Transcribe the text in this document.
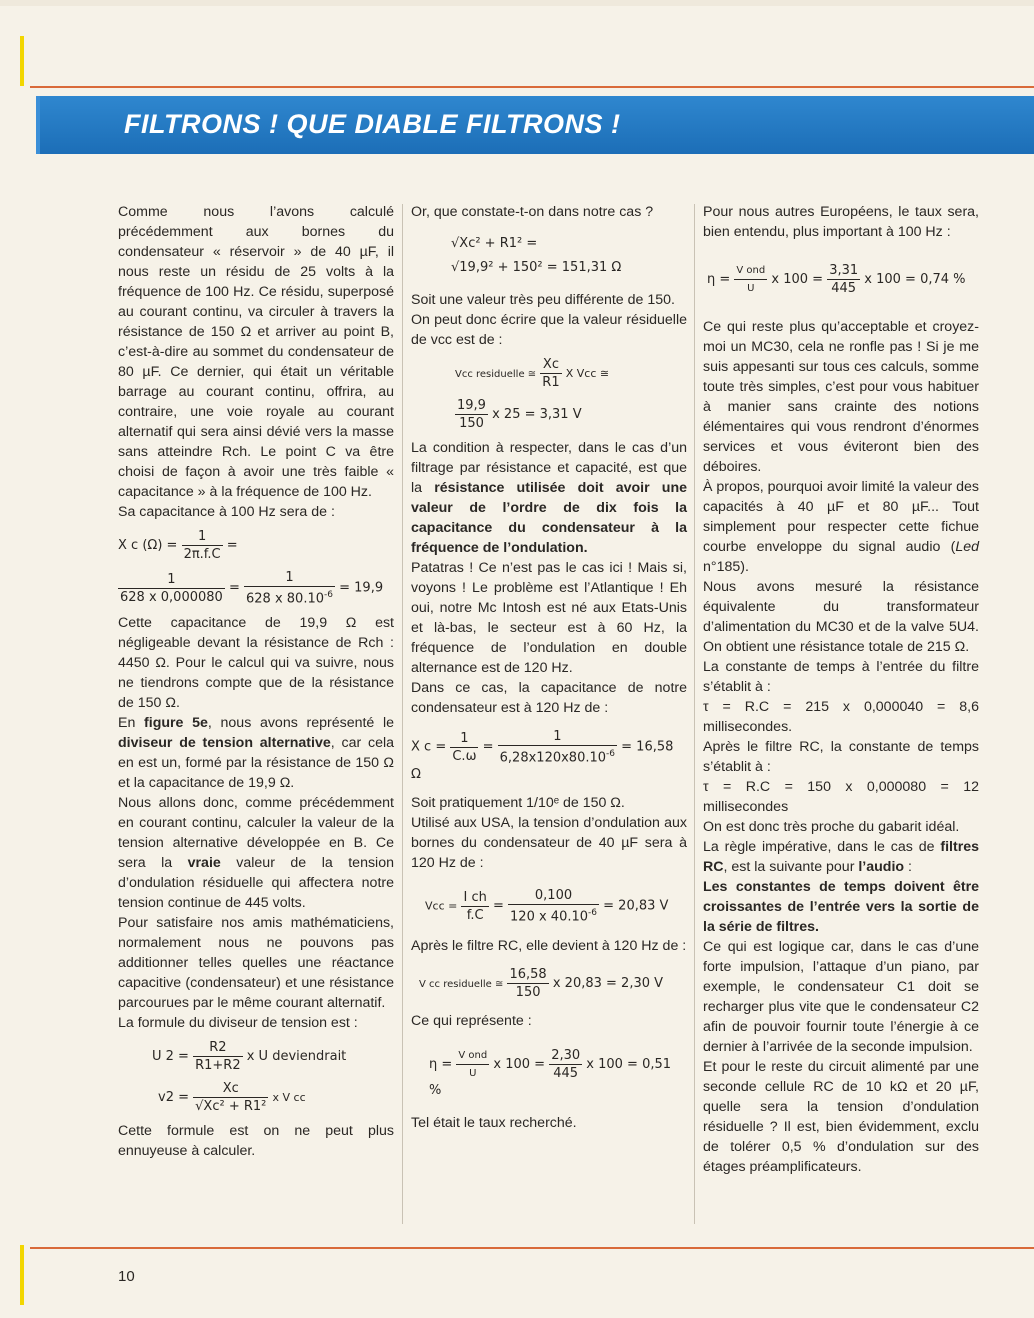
FILTRONS ! QUE DIABLE FILTRONS !

Comme nous l’avons calculé précédemment aux bornes du condensateur « réservoir » de 40 µF, il nous reste un résidu de 25 volts à la fréquence de 100 Hz. Ce résidu, superposé au courant continu, va circuler à travers la résistance de 150 Ω et arriver au point B, c’est-à-dire au sommet du condensateur de 80 µF. Ce dernier, qui était un véritable barrage au courant continu, offrira, au contraire, une voie royale au courant alternatif qui sera ainsi dévié vers la masse sans atteindre Rch. Le point C va être choisi de façon à avoir une très faible « capacitance » à la fréquence de 100 Hz.

Sa capacitance à 100 Hz sera de :

X c $(\Omega) = \frac{1}{2\pi.f.C}$ =
$\frac{1}{628 x 0,000080} = \frac{1}{628 x 80.10^{-6}} = 19,9$

Cette capacitance de 19,9 Ω est négligeable devant la résistance de Rch : 4450 Ω. Pour le calcul qui va suivre, nous ne tiendrons compte que de la résistance de 150 Ω.

En figure 5e, nous avons représenté le diviseur de tension alternative, car cela en est un, formé par la résistance de 150 Ω et la capacitance de 19,9 Ω.

Nous allons donc, comme précédemment en courant continu, calculer la valeur de la tension alternative développée en B. Ce sera la vraie valeur de la tension d’ondulation résiduelle qui affectera notre tension continue de 445 volts.

Pour satisfaire nos amis mathématiciens, normalement nous ne pouvons pas additionner telles quelles une réactance capacitive (condensateur) et une résistance parcourues par le même courant alternatif.

La formule du diviseur de tension est :

U $2 = \frac{R2}{R1+R2}$ x U deviendrait
$v2 = \frac{Xc}{\text{√Xc² + R1²}}$ x V cc

Cette formule est on ne peut plus ennuyeuse à calculer.

Or, que constate-t-on dans notre cas ?

√Xc² + R1² =
√19,9² + 150² = 151,31 Ω

Soit une valeur très peu différente de 150.

On peut donc écrire que la valeur résiduelle de vcc est de :

Vcc residuelle ≅ $\frac{Xc}{R1}$ X Vcc ≅
$\frac{19,9}{150}$ x 25 = 3,31 V

La condition à respecter, dans le cas d’un filtrage par résistance et capacité, est que la résistance utilisée doit avoir une valeur de l’ordre de dix fois la capacitance du condensateur à la fréquence de l’ondulation.

Patatras ! Ce n’est pas le cas ici ! Mais si, voyons ! Le problème est l’Atlantique ! Eh oui, notre Mc Intosh est né aux Etats-Unis et là-bas, le secteur est à 60 Hz, la fréquence de l’ondulation en double alternance est de 120 Hz.

Dans ce cas, la capacitance de notre condensateur est à 120 Hz de :

X $c = \frac{1}{C.\omega} = \frac{1}{6,28x120x80.10^{-6}} = 16,58$ Ω

Soit pratiquement 1/10ᵉ de 150 Ω.

Utilisé aux USA, la tension d’ondulation aux bornes du condensateur de 40 µF sera à 120 Hz de :

Vcc = $\frac{\text{I ch}}{f.C} = \frac{0,100}{120 x 40.10^{-6}} = 20,83$ V

Après le filtre RC, elle devient à 120 Hz de :

V cc residuelle ≅ $\frac{16,58}{150}$ x 20,83 = 2,30 V

Ce qui représente :

$\eta = \frac{\text{V ond}}{U}$ x $100 = \frac{2,30}{445}$ x 100 = 0,51 %

Tel était le taux recherché.

Pour nous autres Européens, le taux sera, bien entendu, plus important à 100 Hz :

$\eta = \frac{\text{V ond}}{U}$ x $100 = \frac{3,31}{445}$ x 100 = 0,74 %

Ce qui reste plus qu’acceptable et croyez-moi un MC30, cela ne ronfle pas ! Si je me suis appesanti sur tous ces calculs, somme toute très simples, c’est pour vous habituer à manier sans crainte des notions élémentaires qui vous rendront d’énormes services et vous éviteront bien des déboires.

À propos, pourquoi avoir limité la valeur des capacités à 40 µF et 80 µF... Tout simplement pour respecter cette fichue courbe enveloppe du signal audio (Led n°185).

Nous avons mesuré la résistance équivalente du transformateur d’alimentation du MC30 et de la valve 5U4. On obtient une résistance totale de 215 Ω.

La constante de temps à l’entrée du filtre s’établit à :

τ = R.C = 215 x 0,000040 = 8,6 millisecondes.

Après le filtre RC, la constante de temps s’établit à :

τ = R.C = 150 x 0,000080 = 12 millisecondes

On est donc très proche du gabarit idéal.

La règle impérative, dans le cas de filtres RC, est la suivante pour l’audio :

Les constantes de temps doivent être croissantes de l’entrée vers la sortie de la série de filtres.

Ce qui est logique car, dans le cas d’une forte impulsion, l’attaque d’un piano, par exemple, le condensateur C1 doit se recharger plus vite que le condensateur C2 afin de pouvoir fournir toute l’énergie à ce dernier à l’arrivée de la seconde impulsion.

Et pour le reste du circuit alimenté par une seconde cellule RC de 10 kΩ et 20 µF, quelle sera la tension d’ondulation résiduelle ? Il est, bien évidemment, exclu de tolérer 0,5 % d’ondulation sur des étages préamplificateurs.

10
